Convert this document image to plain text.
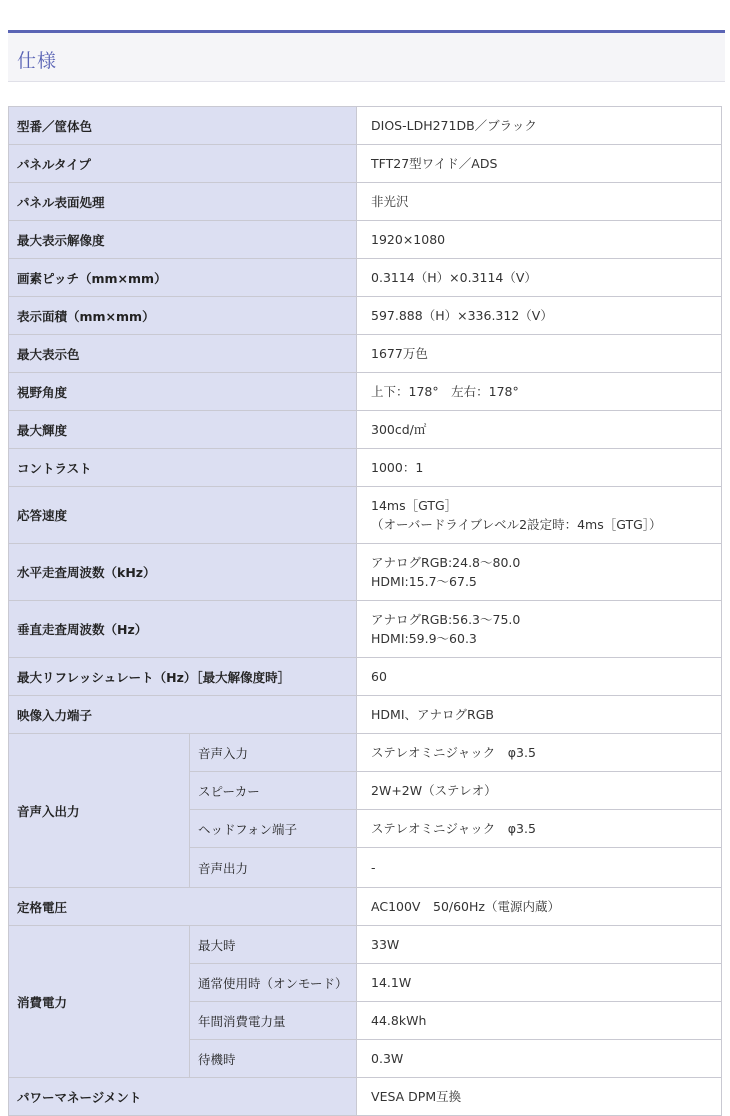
仕様
型番／筐体色		DIOS-LDH271DB／ブラック
パネルタイプ		TFT27型ワイド／ADS
パネル表面処理		非光沢
最大表示解像度		1920×1080
画素ピッチ（mm×mm）		0.3114（H）×0.3114（V）
表示面積（mm×mm）		597.888（H）×336.312（V）
最大表示色		1677万色
視野角度		上下：178°　左右：178°
最大輝度		300cd/㎡
コントラスト		1000：1
応答速度		14ms［GTG］
（オーバードライブレベル2設定時：4ms［GTG］）

水平走査周波数（kHz）		アナログRGB:24.8～80.0
HDMI:15.7～67.5

垂直走査周波数（Hz）		アナログRGB:56.3～75.0
HDMI:59.9～60.3

最大リフレッシュレート（Hz）［最大解像度時］		60
映像入力端子		HDMI、アナログRGB
音声入出力	音声入力	ステレオミニジャック　φ3.5
	スピーカー	2W+2W（ステレオ）
	ヘッドフォン端子	ステレオミニジャック　φ3.5
	音声出力	-
定格電圧		AC100V　50/60Hz（電源内蔵）
消費電力	最大時	33W
	通常使用時（オンモード）	14.1W
	年間消費電力量	44.8kWh
	待機時	0.3W
パワーマネージメント		VESA DPM互換
